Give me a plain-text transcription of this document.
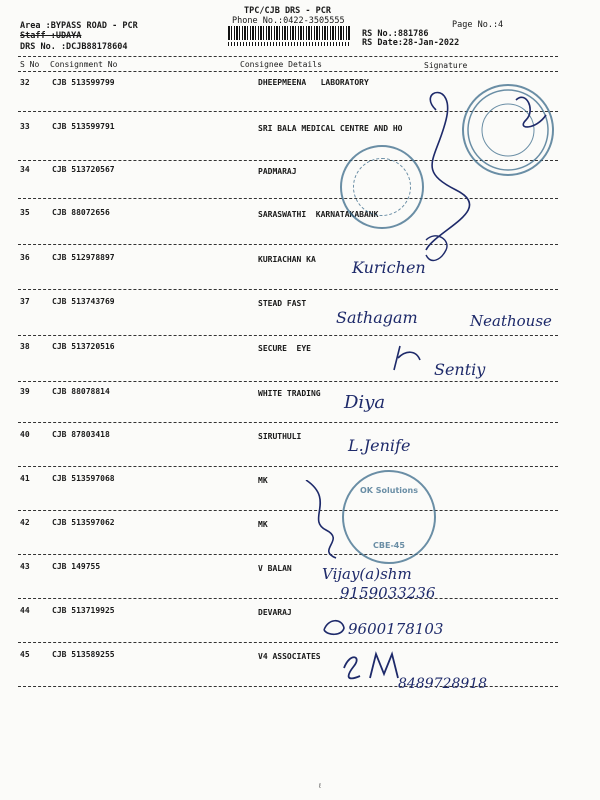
TPC/CJB DRS - PCR
Phone No.:0422-3505555
Area :BYPASS ROAD - PCR
Staff :UDAYA
DRS No. :DCJB88178604
Page No.:4
RS No.:881786
RS Date:28-Jan-2022
S No Consignment No	Consignee Details	Signature
32	CJB 513599799	DHEEPMEENA   LABORATORY
33	CJB 513599791	SRI BALA MEDICAL CENTRE AND HO
34	CJB 513720567	PADMARAJ
35	CJB 88072656	SARASWATHI  KARNATAKABANK
36	CJB 512978897	KURIACHAN KA
37	CJB 513743769	STEAD FAST
38	CJB 513720516	SECURE  EYE
39	CJB 88078814	WHITE TRADING
40	CJB 87803418	SIRUTHULI
41	CJB 513597068	MK
42	CJB 513597062	MK
43	CJB 149755	V BALAN
44	CJB 513719925	DEVARAJ
45	CJB 513589255	V4 ASSOCIATES
OK Solutions
CBE-45
Kurichen
Sathagam	Neathouse
Sentiy
Diya
L.Jenife
Vijay(a)shm
9159033236
9600178103
8489728918
ℓ
